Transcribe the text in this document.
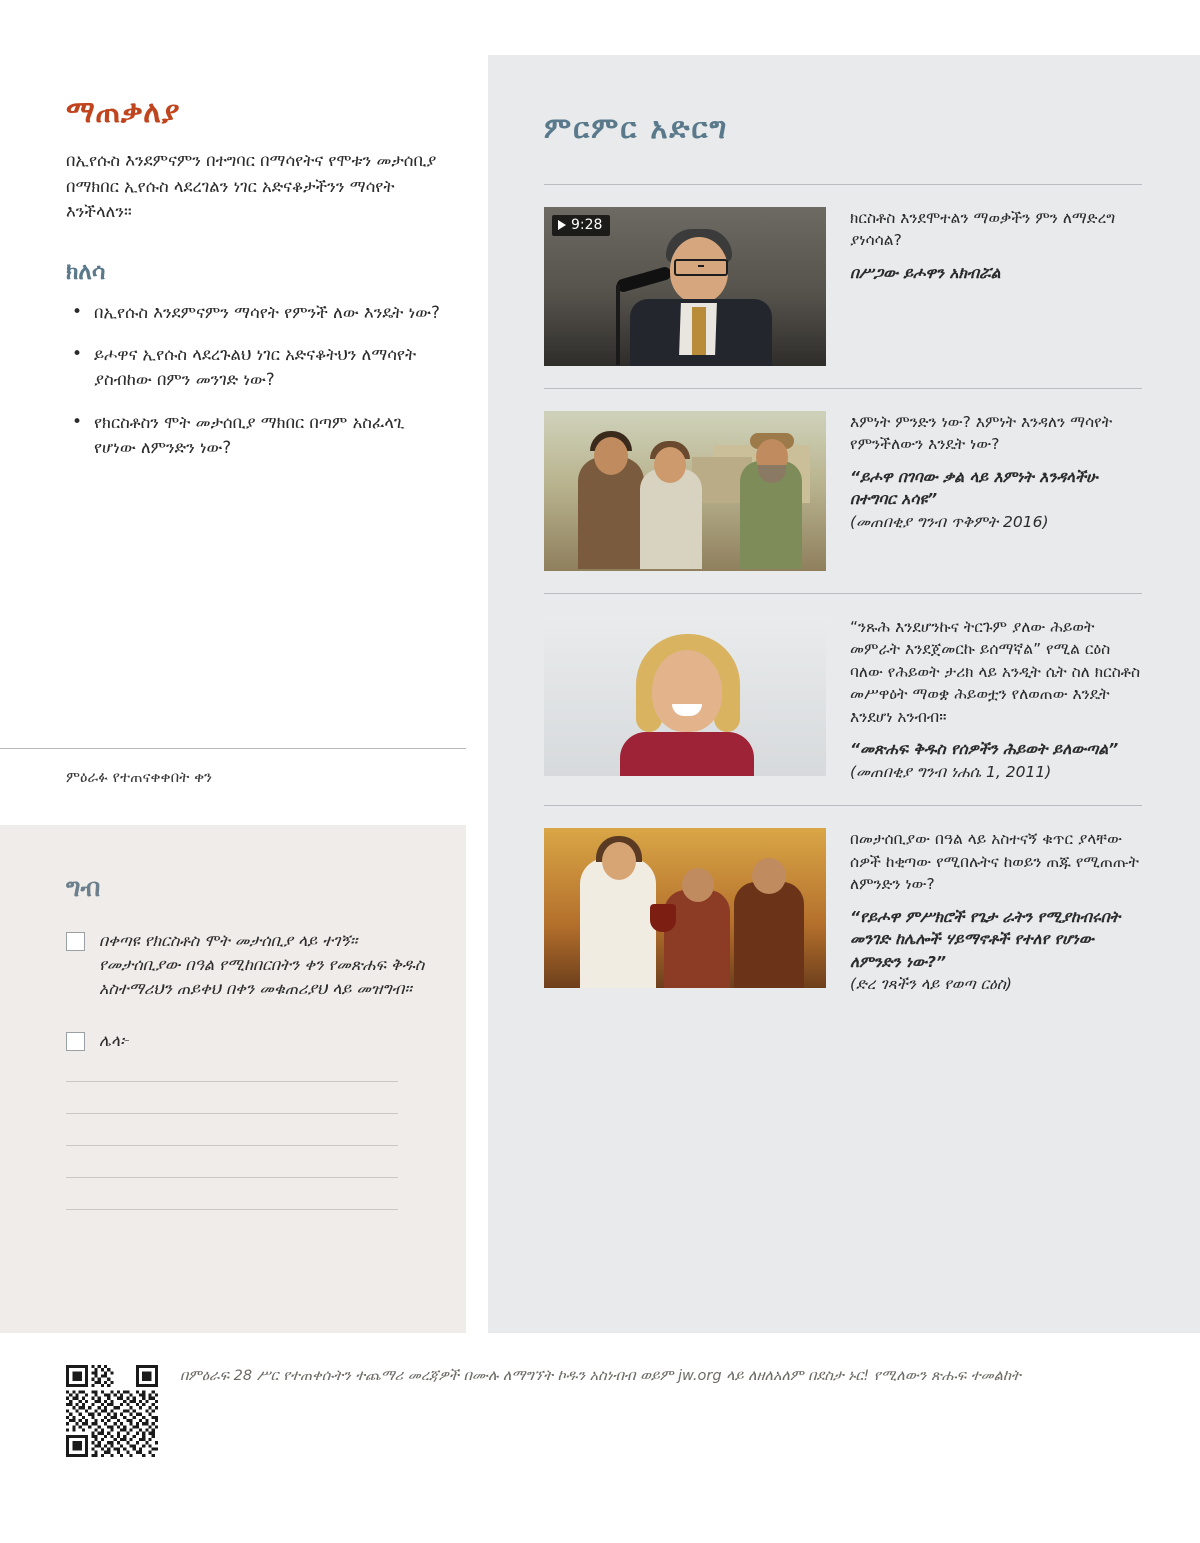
ማጠቃለያ

በኢየሱስ እንደምናምን በተግባር በማሳየትና የሞቱን መታሰቢያ በማክበር ኢየሱስ ላደረገልን ነገር አድናቆታችንን ማሳየት እንችላለን።

ክለሳ
• በኢየሱስ እንደምናምን ማሳየት የምንች ለው እንዴት ነው?
• ይሖዋና ኢየሱስ ላደረጉልህ ነገር አድናቆትህን ለማሳየት ያስብከው በምን መንገድ ነው?
• የክርስቶስን ሞት መታሰቢያ ማክበር በጣም አስፈላጊ የሆነው ለምንድን ነው?
ምዕራፉ የተጠናቀቀበት ቀን
ግብ
በቀጣዩ የክርስቶስ ሞት መታሰቢያ ላይ ተገኝ። የመታሰቢያው በዓል የሚከበርበትን ቀን የመጽሐፍ ቅዱስ አስተማሪህን ጠይቀህ በቀን መቁጠሪያህ ላይ መዝግብ።
ሌላ፦
ምርምር አድርግ
9:28	ክርስቶስ እንደሞተልን ማወቃችን ምን ለማድረግ ያነሳሳል?

በሥጋው ይሖዋን አክብሯል

እምነት ምንድን ነው? እምነት እንዳለን ማሳየት የምንችለውን እንዴት ነው?

“ይሖዋ በገባው ቃል ላይ እምነት እንዳላችሁ በተግባር አሳዩ”

(መጠበቂያ ግንብ ጥቅምት 2016)

“ንጹሕ እንደሆንኩና ትርጉም ያለው ሕይወት መምራት እንደጀመርኩ ይሰማኛል” የሚል ርዕስ ባለው የሕይወት ታሪክ ላይ አንዲት ሴት ስለ ክርስቶስ መሥዋዕት ማወቋ ሕይወቷን የለወጠው እንዴት እንደሆነ አንብብ።

“መጽሐፍ ቅዱስ የሰዎችን ሕይወት ይለውጣል”

(መጠበቂያ ግንብ ነሐሴ 1, 2011)

በመታሰቢያው በዓል ላይ አስተናኝ ቁጥር ያላቸው ሰዎች ከቂጣው የሚበሉትና ከወይን ጠጁ የሚጠጡት ለምንድን ነው?

“የይሖዋ ምሥክሮች የጌታ ራትን የሚያከብሩበት መንገድ ከሌሎች ሃይማኖቶች የተለየ የሆነው ለምንድን ነው?”

(ድረ ገጻችን ላይ የወጣ ርዕስ)

በምዕራፍ 28 ሥር የተጠቀሱትን ተጨማሪ መረጃዎች በሙሉ ለማግኘት ኮዱን አስነብብ ወይም jw.org ላይ ለዘለአለም በደስታ ኑር! የሚለውን ጽሑፍ ተመልከት
